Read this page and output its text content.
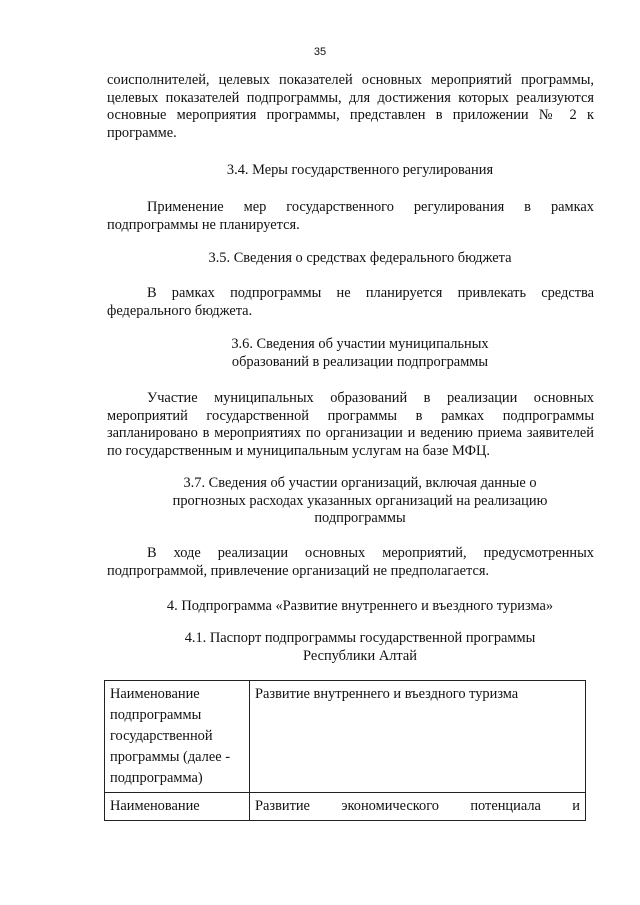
35
соисполнителей, целевых показателей основных мероприятий программы, целевых показателей подпрограммы, для достижения которых реализуются основные мероприятия программы, представлен в приложении № 2 к программе.
3.4. Меры государственного регулирования
Применение мер государственного регулирования в рамках подпрограммы не планируется.
3.5. Сведения о средствах федерального бюджета
В рамках подпрограммы не планируется привлекать средства федерального бюджета.
3.6. Сведения об участии муниципальных
образований в реализации подпрограммы
Участие муниципальных образований в реализации основных мероприятий государственной программы в рамках подпрограммы запланировано в мероприятиях по организации и ведению приема заявителей по государственным и муниципальным услугам на базе МФЦ.
3.7. Сведения об участии организаций, включая данные о
прогнозных расходах указанных организаций на реализацию
подпрограммы
В ходе реализации основных мероприятий, предусмотренных подпрограммой, привлечение организаций не предполагается.
4. Подпрограмма «Развитие внутреннего и въездного туризма»
4.1. Паспорт подпрограммы государственной программы
Республики Алтай
Наименование подпрограммы государственной программы (далее - подпрограмма)	Развитие внутреннего и въездного туризма
Наименование	Развитие экономического потенциала и
